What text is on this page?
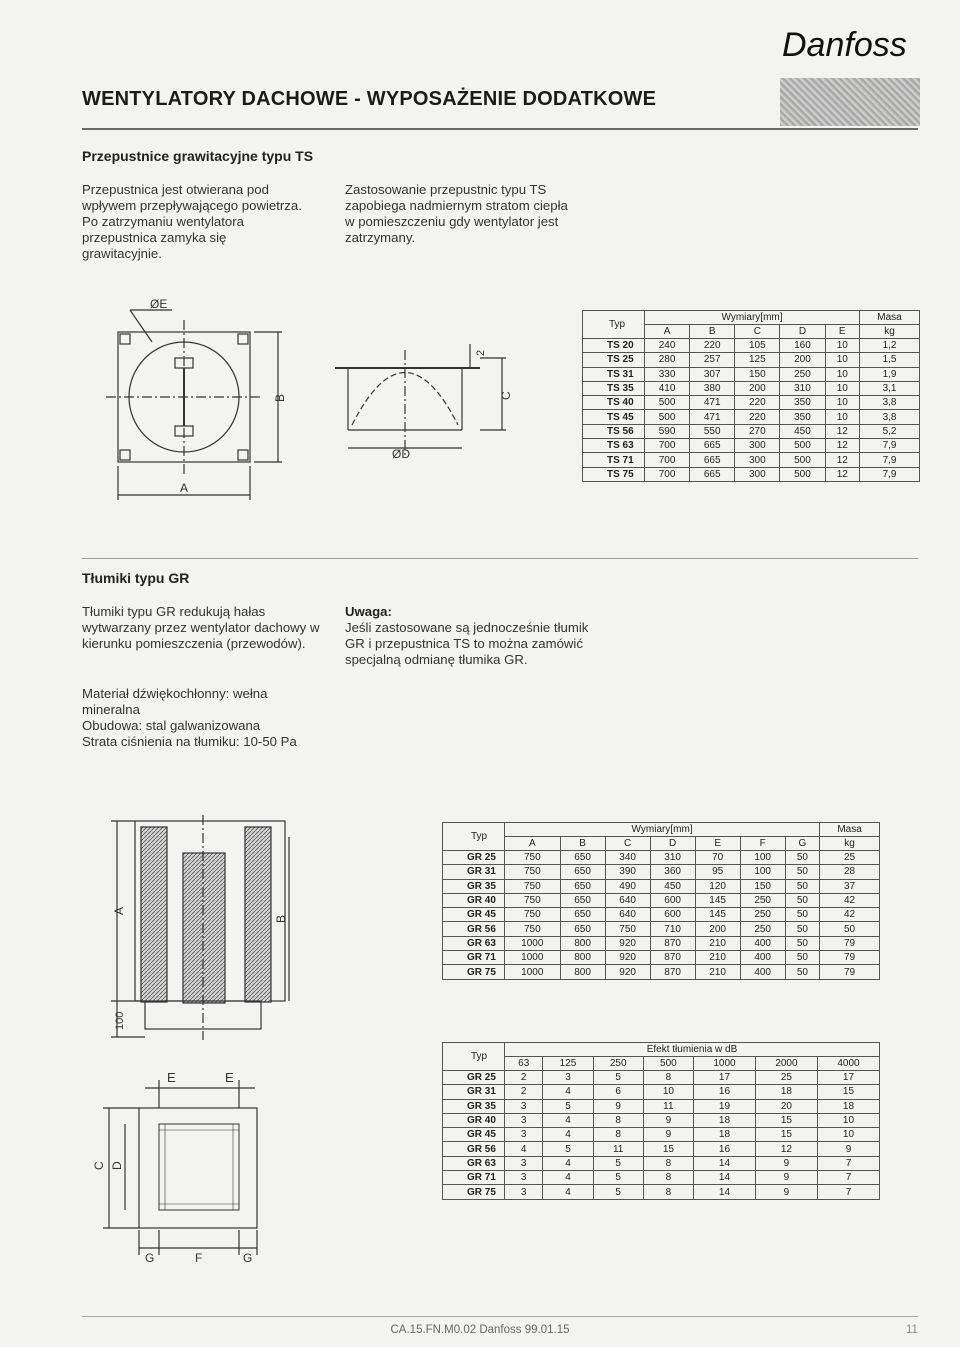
Danfoss
WENTYLATORY DACHOWE - WYPOSAŻENIE DODATKOWE
Przepustnice grawitacyjne typu TS
Przepustnica jest otwierana pod wpływem przepływającego powietrza. Po zatrzymaniu wentylatora przepustnica zamyka się grawitacyjnie.
Zastosowanie przepustnic typu TS zapobiega nadmiernym stratom ciepła w pomieszczeniu gdy wentylator jest zatrzymany.
ØE
A
B
ØD
C
2
Typ	Wymiary[mm]					Masa
	A	B	C	D	E	kg
TS 20	240	220	105	160	10	1,2
TS 25	280	257	125	200	10	1,5
TS 31	330	307	150	250	10	1,9
TS 35	410	380	200	310	10	3,1
TS 40	500	471	220	350	10	3,8
TS 45	500	471	220	350	10	3,8
TS 56	590	550	270	450	12	5,2
TS 63	700	665	300	500	12	7,9
TS 71	700	665	300	500	12	7,9
TS 75	700	665	300	500	12	7,9
Tłumiki typu GR
Tłumiki typu GR redukują hałas wytwarzany przez wentylator dachowy w kierunku pomieszczenia (przewodów).
Materiał dźwiękochłonny: wełna mineralna
Obudowa: stal galwanizowana
Strata ciśnienia na tłumiku: 10-50 Pa
Uwaga:
Jeśli zastosowane są jednocześnie tłumik GR i przepustnica TS to można zamówić specjalną odmianę tłumika GR.
A
B
100
E	E
C D
G	F	G
Typ	Wymiary[mm]							Masa
	A	B	C	D	E	F	G	kg
GR 25	750	650	340	310	70	100	50	25
GR 31	750	650	390	360	95	100	50	28
GR 35	750	650	490	450	120	150	50	37
GR 40	750	650	640	600	145	250	50	42
GR 45	750	650	640	600	145	250	50	42
GR 56	750	650	750	710	200	250	50	50
GR 63	1000	800	920	870	210	400	50	79
GR 71	1000	800	920	870	210	400	50	79
GR 75	1000	800	920	870	210	400	50	79
Typ	Efekt tłumienia w dB						
	63	125	250	500	1000	2000	4000
GR 25	2	3	5	8	17	25	17
GR 31	2	4	6	10	16	18	15
GR 35	3	5	9	11	19	20	18
GR 40	3	4	8	9	18	15	10
GR 45	3	4	8	9	18	15	10
GR 56	4	5	11	15	16	12	9
GR 63	3	4	5	8	14	9	7
GR 71	3	4	5	8	14	9	7
GR 75	3	4	5	8	14	9	7
CA.15.FN.M0.02 Danfoss 99.01.15	11
